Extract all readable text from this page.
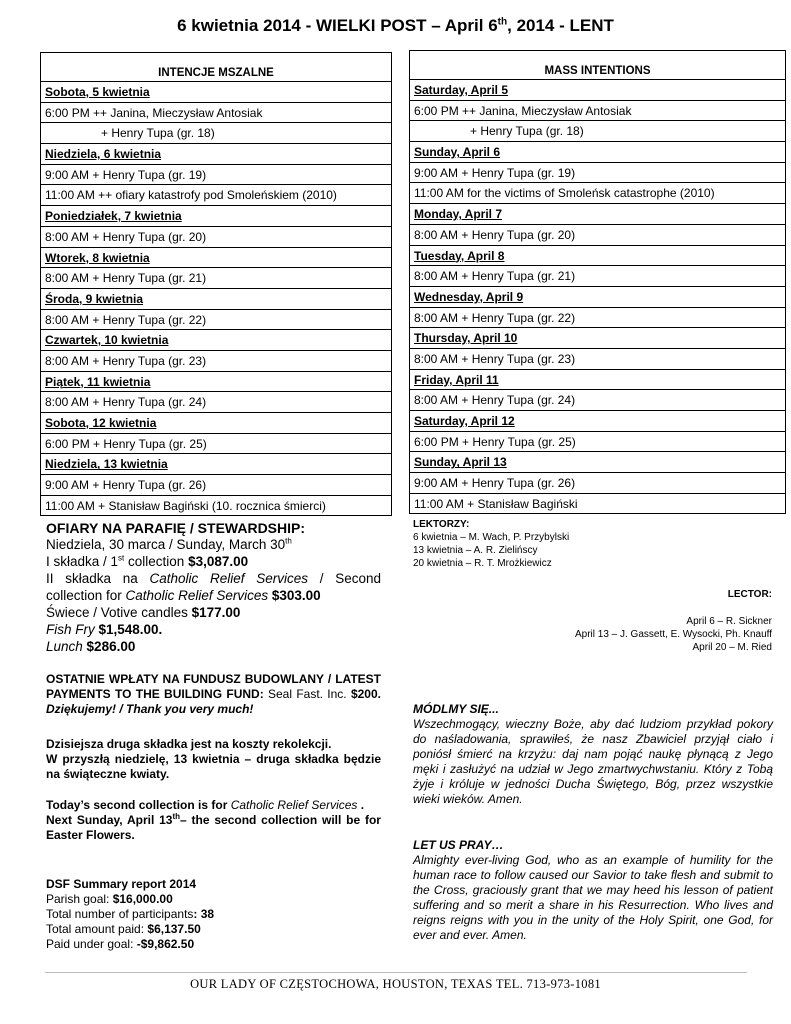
6 kwietnia 2014 - WIELKI POST – April 6th, 2014 - LENT
INTENCJE MSZALNE
Sobota, 5 kwietnia
6:00 PM ++ Janina, Mieczysław Antosiak
+ Henry Tupa (gr. 18)
Niedziela, 6 kwietnia
9:00 AM + Henry Tupa (gr. 19)
11:00 AM ++ ofiary katastrofy pod Smoleńskiem (2010)
Poniedziałek, 7 kwietnia
8:00 AM + Henry Tupa (gr. 20)
Wtorek, 8 kwietnia
8:00 AM + Henry Tupa (gr. 21)
Środa, 9 kwietnia
8:00 AM + Henry Tupa (gr. 22)
Czwartek, 10 kwietnia
8:00 AM + Henry Tupa (gr. 23)
Piątek, 11 kwietnia
8:00 AM + Henry Tupa (gr. 24)
Sobota, 12 kwietnia
6:00 PM + Henry Tupa (gr. 25)
Niedziela, 13 kwietnia
9:00 AM + Henry Tupa (gr. 26)
11:00 AM + Stanisław Bagiński (10. rocznica śmierci)
MASS INTENTIONS
Saturday, April 5
6:00 PM ++ Janina, Mieczysław Antosiak
+ Henry Tupa (gr. 18)
Sunday, April 6
9:00 AM + Henry Tupa (gr. 19)
11:00 AM for the victims of Smoleńsk catastrophe (2010)
Monday, April 7
8:00 AM + Henry Tupa (gr. 20)
Tuesday, April 8
8:00 AM + Henry Tupa (gr. 21)
Wednesday, April 9
8:00 AM + Henry Tupa (gr. 22)
Thursday, April 10
8:00 AM + Henry Tupa (gr. 23)
Friday, April 11
8:00 AM + Henry Tupa (gr. 24)
Saturday, April 12
6:00 PM + Henry Tupa (gr. 25)
Sunday, April 13
9:00 AM + Henry Tupa (gr. 26)
11:00 AM + Stanisław Bagiński
OFIARY NA PARAFIĘ / STEWARDSHIP:
Niedziela, 30 marca / Sunday, March 30th
I składka / 1st collection $3,087.00
II składka na Catholic Relief Services / Second collection for Catholic Relief Services $303.00
Świece / Votive candles $177.00
Fish Fry $1,548.00.
Lunch $286.00
OSTATNIE WPŁATY NA FUNDUSZ BUDOWLANY / LATEST PAYMENTS TO THE BUILDING FUND: Seal Fast. Inc. $200. Dziękujemy! / Thank you very much!
Dzisiejsza druga składka jest na koszty rekolekcji.
W przyszłą niedzielę, 13 kwietnia – druga składka będzie na świąteczne kwiaty.
Today’s second collection is for Catholic Relief Services .
Next Sunday, April 13th– the second collection will be for Easter Flowers.
DSF Summary report 2014
Parish goal: $16,000.00
Total number of participants: 38
Total amount paid: $6,137.50
Paid under goal: -$9,862.50
LEKTORZY:
6 kwietnia – M. Wach, P. Przybylski
13 kwietnia – A. R. Zielińscy
20 kwietnia – R. T. Mrożkiewicz
LECTOR:
April 6 – R. Sickner
April 13 – J. Gassett, E. Wysocki, Ph. Knauff
April 20 – M. Ried
MÓDLMY SIĘ...
Wszechmogący, wieczny Boże, aby dać ludziom przykład pokory do naśladowania, sprawiłeś, że nasz Zbawiciel przyjął ciało i poniósł śmierć na krzyżu: daj nam pojąć naukę płynącą z Jego męki i zasłużyć na udział w Jego zmartwychwstaniu. Który z Tobą żyje i króluje w jedności Ducha Świętego, Bóg, przez wszystkie wieki wieków. Amen.
LET US PRAY…
Almighty ever-living God, who as an example of humility for the human race to follow caused our Savior to take flesh and submit to the Cross, graciously grant that we may heed his lesson of patient suffering and so merit a share in his Resurrection. Who lives and reigns reigns with you in the unity of the Holy Spirit, one God, for ever and ever. Amen.
OUR LADY OF CZĘSTOCHOWA, HOUSTON, TEXAS TEL. 713-973-1081
